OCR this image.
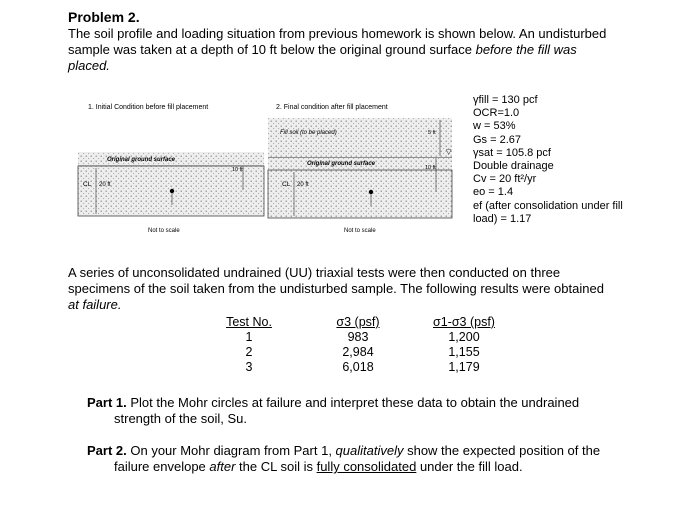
Problem 2.
The soil profile and loading situation from previous homework is shown below. An undisturbed
sample was taken at a depth of 10 ft below the original ground surface before the fill was
placed.
1. Initial Condition before fill placement
Original ground surface
10 ft
CL 20 ft
Not to scale
2. Final condition after fill placement
Fill soil (to be placed)	5 ft
▽
Original ground surface
10 ft
CL 20 ft
Not to scale
γfill = 130 pcf
OCR=1.0
w = 53%
Gs = 2.67
γsat = 105.8 pcf
Double drainage
Cv = 20 ft²/yr
eo = 1.4
ef (after consolidation under fill
load) = 1.17
A series of unconsolidated undrained (UU) triaxial tests were then conducted on three
specimens of the soil taken from the undisturbed sample. The following results were obtained
at failure.
Test No.
1
2
3
σ3 (psf)
983
2,984
6,018
σ1-σ3 (psf)
1,200
1,155
1,179
Part 1. Plot the Mohr circles at failure and interpret these data to obtain the undrained
strength of the soil, Su.
Part 2. On your Mohr diagram from Part 1, qualitatively show the expected position of the
failure envelope after the CL soil is fully consolidated under the fill load.
